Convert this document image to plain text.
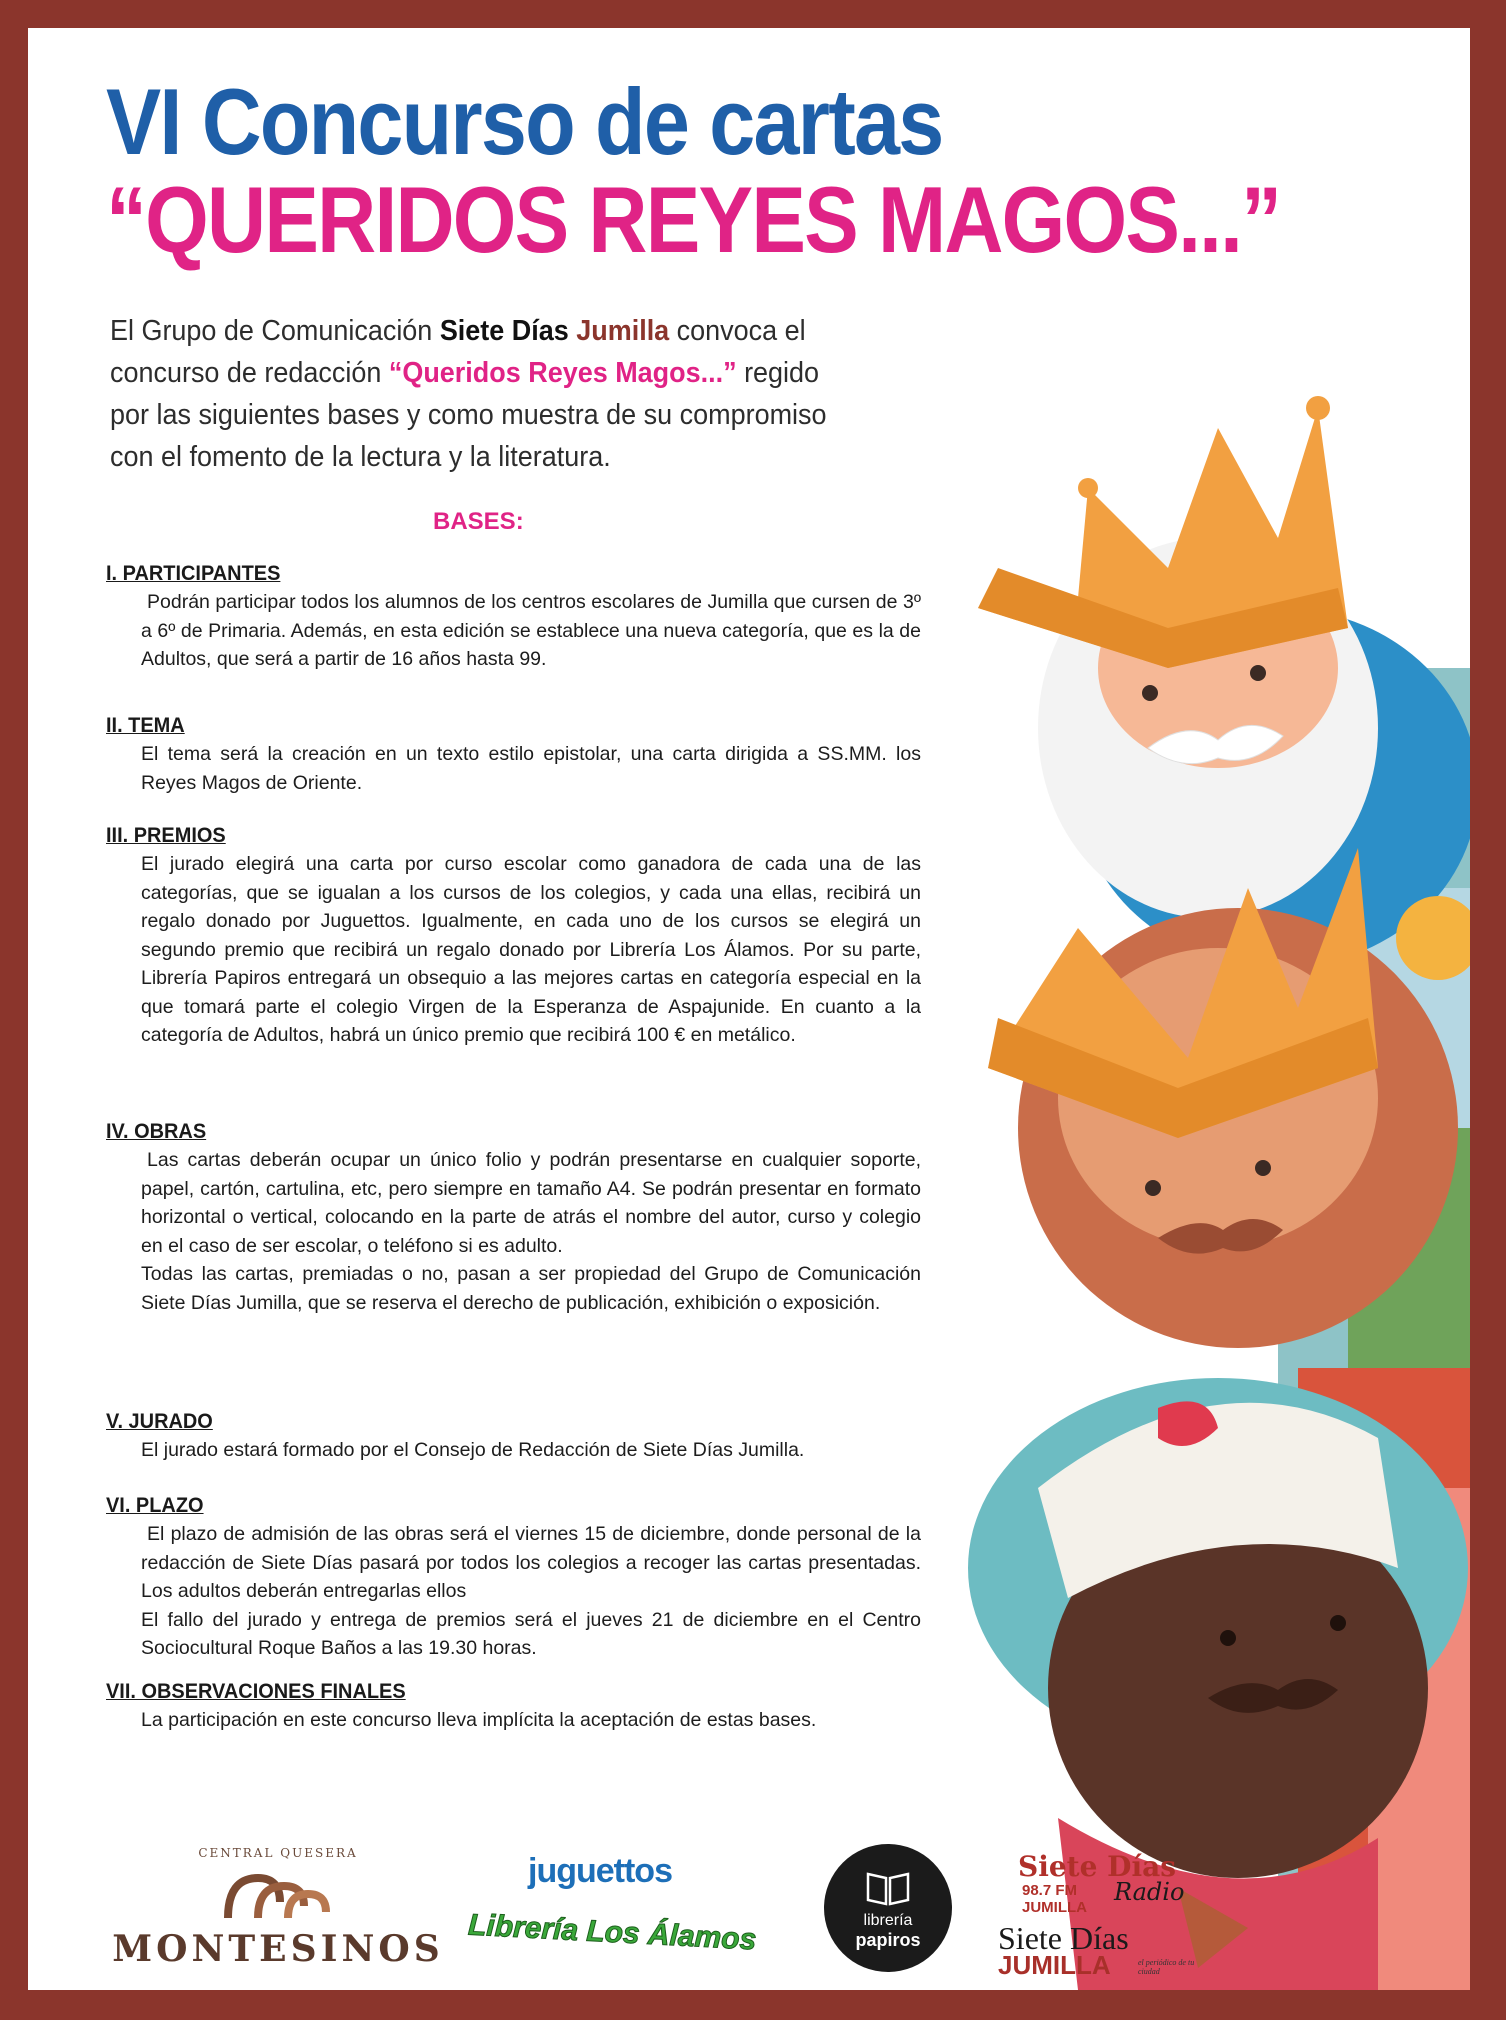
VI Concurso de cartas
“QUERIDOS REYES MAGOS...”
El Grupo de Comunicación Siete Días Jumilla convoca el concurso de redacción “Queridos Reyes Magos...” regido por las siguientes bases y como muestra de su compromiso con el fomento de la lectura y la literatura.
BASES:
I. PARTICIPANTES
Podrán participar todos los alumnos de los centros escolares de Jumilla que cursen de 3º a 6º de Primaria. Además, en esta edición se establece una nueva categoría, que es la de Adultos, que será a partir de 16 años hasta 99.
II. TEMA
El tema será la creación en un texto estilo epistolar, una carta dirigida a SS.MM. los Reyes Magos de Oriente.
III. PREMIOS
El jurado elegirá una carta por curso escolar como ganadora de cada una de las categorías, que se igualan a los cursos de los colegios, y cada una ellas, recibirá un regalo donado por Juguettos. Igualmente, en cada uno de los cursos se elegirá un segundo premio que recibirá un regalo donado por Librería Los Álamos. Por su parte, Librería Papiros entregará un obsequio a las mejores cartas en categoría especial en la que tomará parte el colegio Virgen de la Esperanza de Aspajunide. En cuanto a la categoría de Adultos, habrá un único premio que recibirá 100 € en metálico.
IV. OBRAS
Las cartas deberán ocupar un único folio y podrán presentarse en cualquier soporte, papel, cartón, cartulina, etc, pero siempre en tamaño A4. Se podrán presentar en formato horizontal o vertical, colocando en la parte de atrás el nombre del autor, curso y colegio en el caso de ser escolar, o teléfono si es adulto.
Todas las cartas, premiadas o no, pasan a ser propiedad del Grupo de Comunicación Siete Días Jumilla, que se reserva el derecho de publicación, exhibición o exposición.
V. JURADO
El jurado estará formado por el Consejo de Redacción de Siete Días Jumilla.
VI. PLAZO
El plazo de admisión de las obras será el viernes 15 de diciembre, donde personal de la redacción de Siete Días pasará por todos los colegios a recoger las cartas presentadas. Los adultos deberán entregarlas ellos
El fallo del jurado y entrega de premios será el jueves 21 de diciembre en el Centro Sociocultural Roque Baños a las 19.30 horas.
VII. OBSERVACIONES FINALES
La participación en este concurso lleva implícita la aceptación de estas bases.
CENTRAL QUESERA
MONTESINOS
juguettos
Librería Los Álamos	librería
papiros
Siete Días
98.7 FM
JUMILLA
Radio
Siete Días
JUMILLA	el periódico de tu ciudad
